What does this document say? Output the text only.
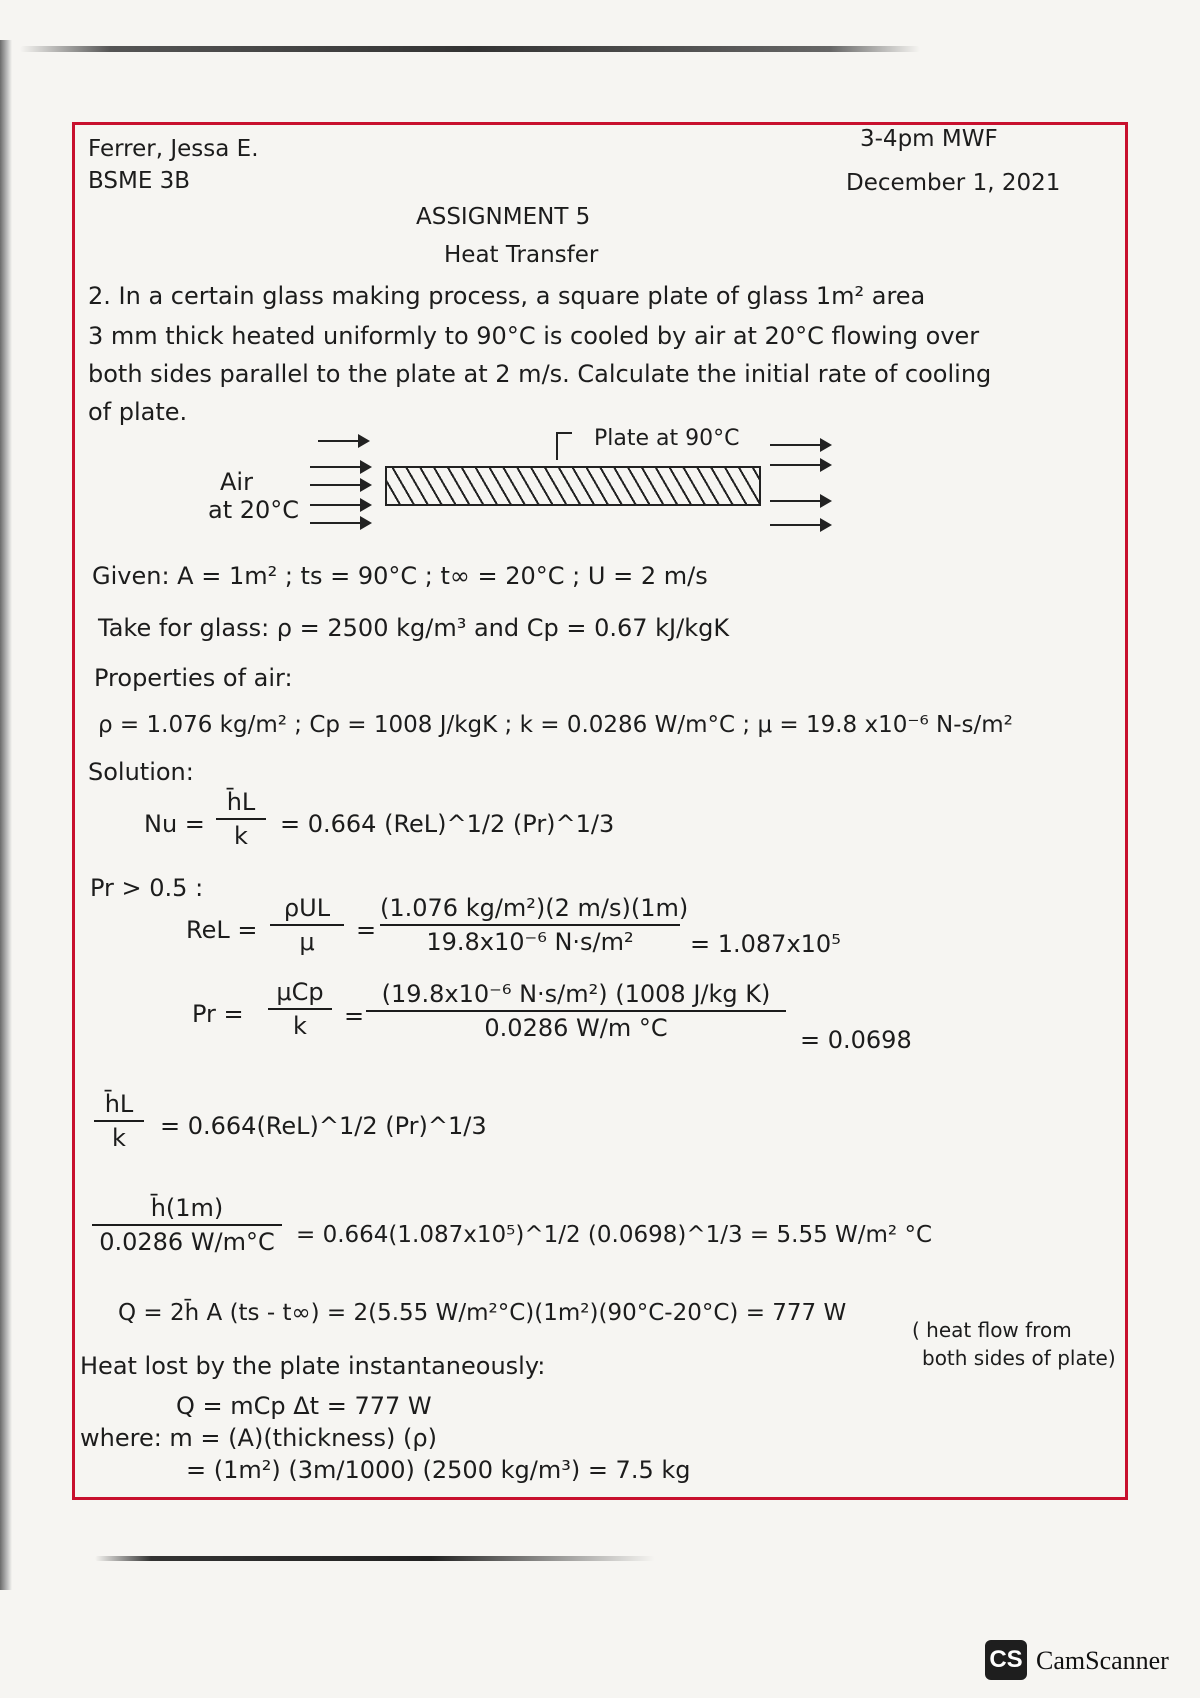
Ferrer, Jessa E.
BSME 3B
3-4pm MWF
December 1, 2021
ASSIGNMENT 5
Heat Transfer
2. In a certain glass making process, a square plate of glass 1m² area
3 mm thick heated uniformly to 90°C is cooled by air at 20°C flowing over
both sides parallel to the plate at 2 m/s. Calculate the initial rate of cooling
of plate.
Plate at 90°C
Air
at 20°C
Given: A = 1m² ; ts = 90°C ; t∞ = 20°C ; U = 2 m/s
Take for glass: ρ = 2500 kg/m³ and Cp = 0.67 kJ/kgK
Properties of air:
ρ = 1.076 kg/m² ; Cp = 1008 J/kgK ; k = 0.0286 W/m°C ; μ = 19.8 x10⁻⁶ N-s/m²
Solution:
Nu =
h̄L
k	= 0.664 (ReL)^1/2 (Pr)^1/3
Pr > 0.5 :
ReL =
ρUL
μ	=
(1.076 kg/m²)(2 m/s)(1m)
19.8x10⁻⁶ N·s/m²	= 1.087x10⁵
Pr =
μCp
k	=
(19.8x10⁻⁶ N·s/m²) (1008 J/kg K)
0.0286 W/m °C	= 0.0698
h̄L
k	= 0.664(ReL)^1/2 (Pr)^1/3
h̄(1m)
0.0286 W/m°C = 0.664(1.087x10⁵)^1/2 (0.0698)^1/3 = 5.55 W/m² °C
Q = 2h̄ A (ts - t∞) = 2(5.55 W/m²°C)(1m²)(90°C-20°C) = 777 W
( heat flow from
both sides of plate)
Heat lost by the plate instantaneously:
Q = mCp Δt = 777 W
where: m = (A)(thickness) (ρ)
= (1m²) (3m/1000) (2500 kg/m³) = 7.5 kg
CS CamScanner
